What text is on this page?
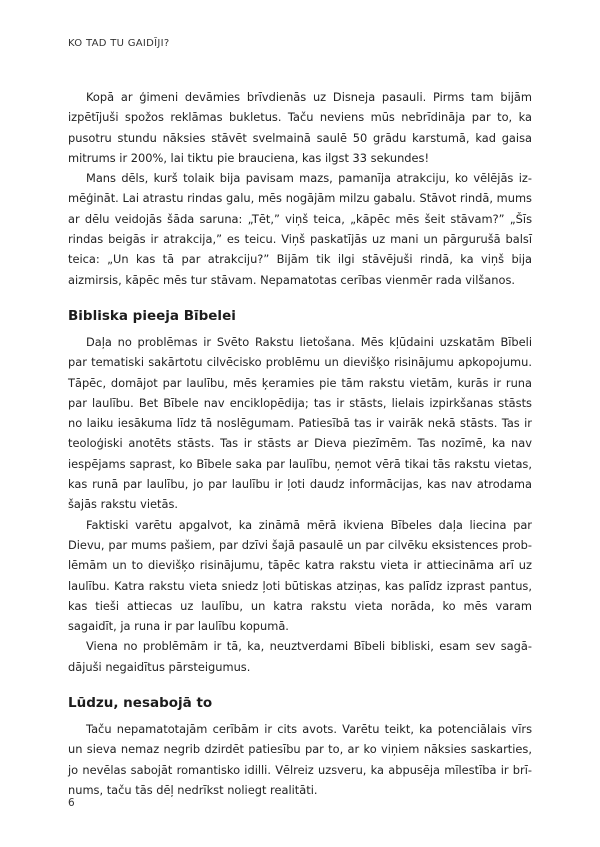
KO TAD TU GAIDĪJI?

Kopā ar ģimeni devāmies brīvdienās uz Disneja pasauli. Pirms tam bijām izpētījuši spožos reklāmas bukletus. Taču neviens mūs nebrīdināja par to, ka pusotru stundu nāksies stāvēt svelmainā saulē 50 grādu karstumā, kad gaisa mitrums ir 200%, lai tiktu pie brauciena, kas ilgst 33 sekundes!

Mans dēls, kurš tolaik bija pavisam mazs, pamanīja atrakciju, ko vēlējās izmēģināt. Lai atrastu rindas galu, mēs nogājām milzu gabalu. Stāvot rindā, mums ar dēlu veidojās šāda saruna: „Tēt,” viņš teica, „kāpēc mēs šeit stāvam?” „Šīs rindas beigās ir atrakcija,” es teicu. Viņš paskatījās uz mani un pārgurušā balsī teica: „Un kas tā par atrakciju?” Bijām tik ilgi stāvējuši rindā, ka viņš bija aizmirsis, kāpēc mēs tur stāvam. Nepamatotas cerības vienmēr rada vilšanos.

Bibliska pieeja Bībelei

Daļa no problēmas ir Svēto Rakstu lietošana. Mēs kļūdaini uzskatām Bībeli par tematiski sakārtotu cilvēcisko problēmu un dievišķo risinājumu apkopojumu. Tāpēc, domājot par laulību, mēs ķeramies pie tām rakstu vietām, kurās ir runa par laulību. Bet Bībele nav enciklopēdija; tas ir stāsts, lielais izpirkšanas stāsts no laiku iesākuma līdz tā noslēgumam. Patiesībā tas ir vairāk nekā stāsts. Tas ir teoloģiski anotēts stāsts. Tas ir stāsts ar Dieva piezīmēm. Tas nozīmē, ka nav iespējams saprast, ko Bībele saka par laulību, ņemot vērā tikai tās rakstu vietas, kas runā par laulību, jo par laulību ir ļoti daudz informācijas, kas nav atrodama šajās rakstu vietās.

Faktiski varētu apgalvot, ka zināmā mērā ikviena Bībeles daļa liecina par Dievu, par mums pašiem, par dzīvi šajā pasaulē un par cilvēku eksistences problēmām un to dievišķo risinājumu, tāpēc katra rakstu vieta ir attiecināma arī uz laulību. Katra rakstu vieta sniedz ļoti būtiskas atziņas, kas palīdz izprast pantus, kas tieši attiecas uz laulību, un katra rakstu vieta norāda, ko mēs varam sagaidīt, ja runa ir par laulību kopumā.

Viena no problēmām ir tā, ka, neuztverdami Bībeli bibliski, esam sev sagādājuši negaidītus pārsteigumus.

Lūdzu, nesabojā to

Taču nepamatotajām cerībām ir cits avots. Varētu teikt, ka potenciālais vīrs un sieva nemaz negrib dzirdēt patiesību par to, ar ko viņiem nāksies saskarties, jo nevēlas sabojāt romantisko idilli. Vēlreiz uzsveru, ka abpusēja mīlestība ir brīnums, taču tās dēļ nedrīkst noliegt realitāti.

6
